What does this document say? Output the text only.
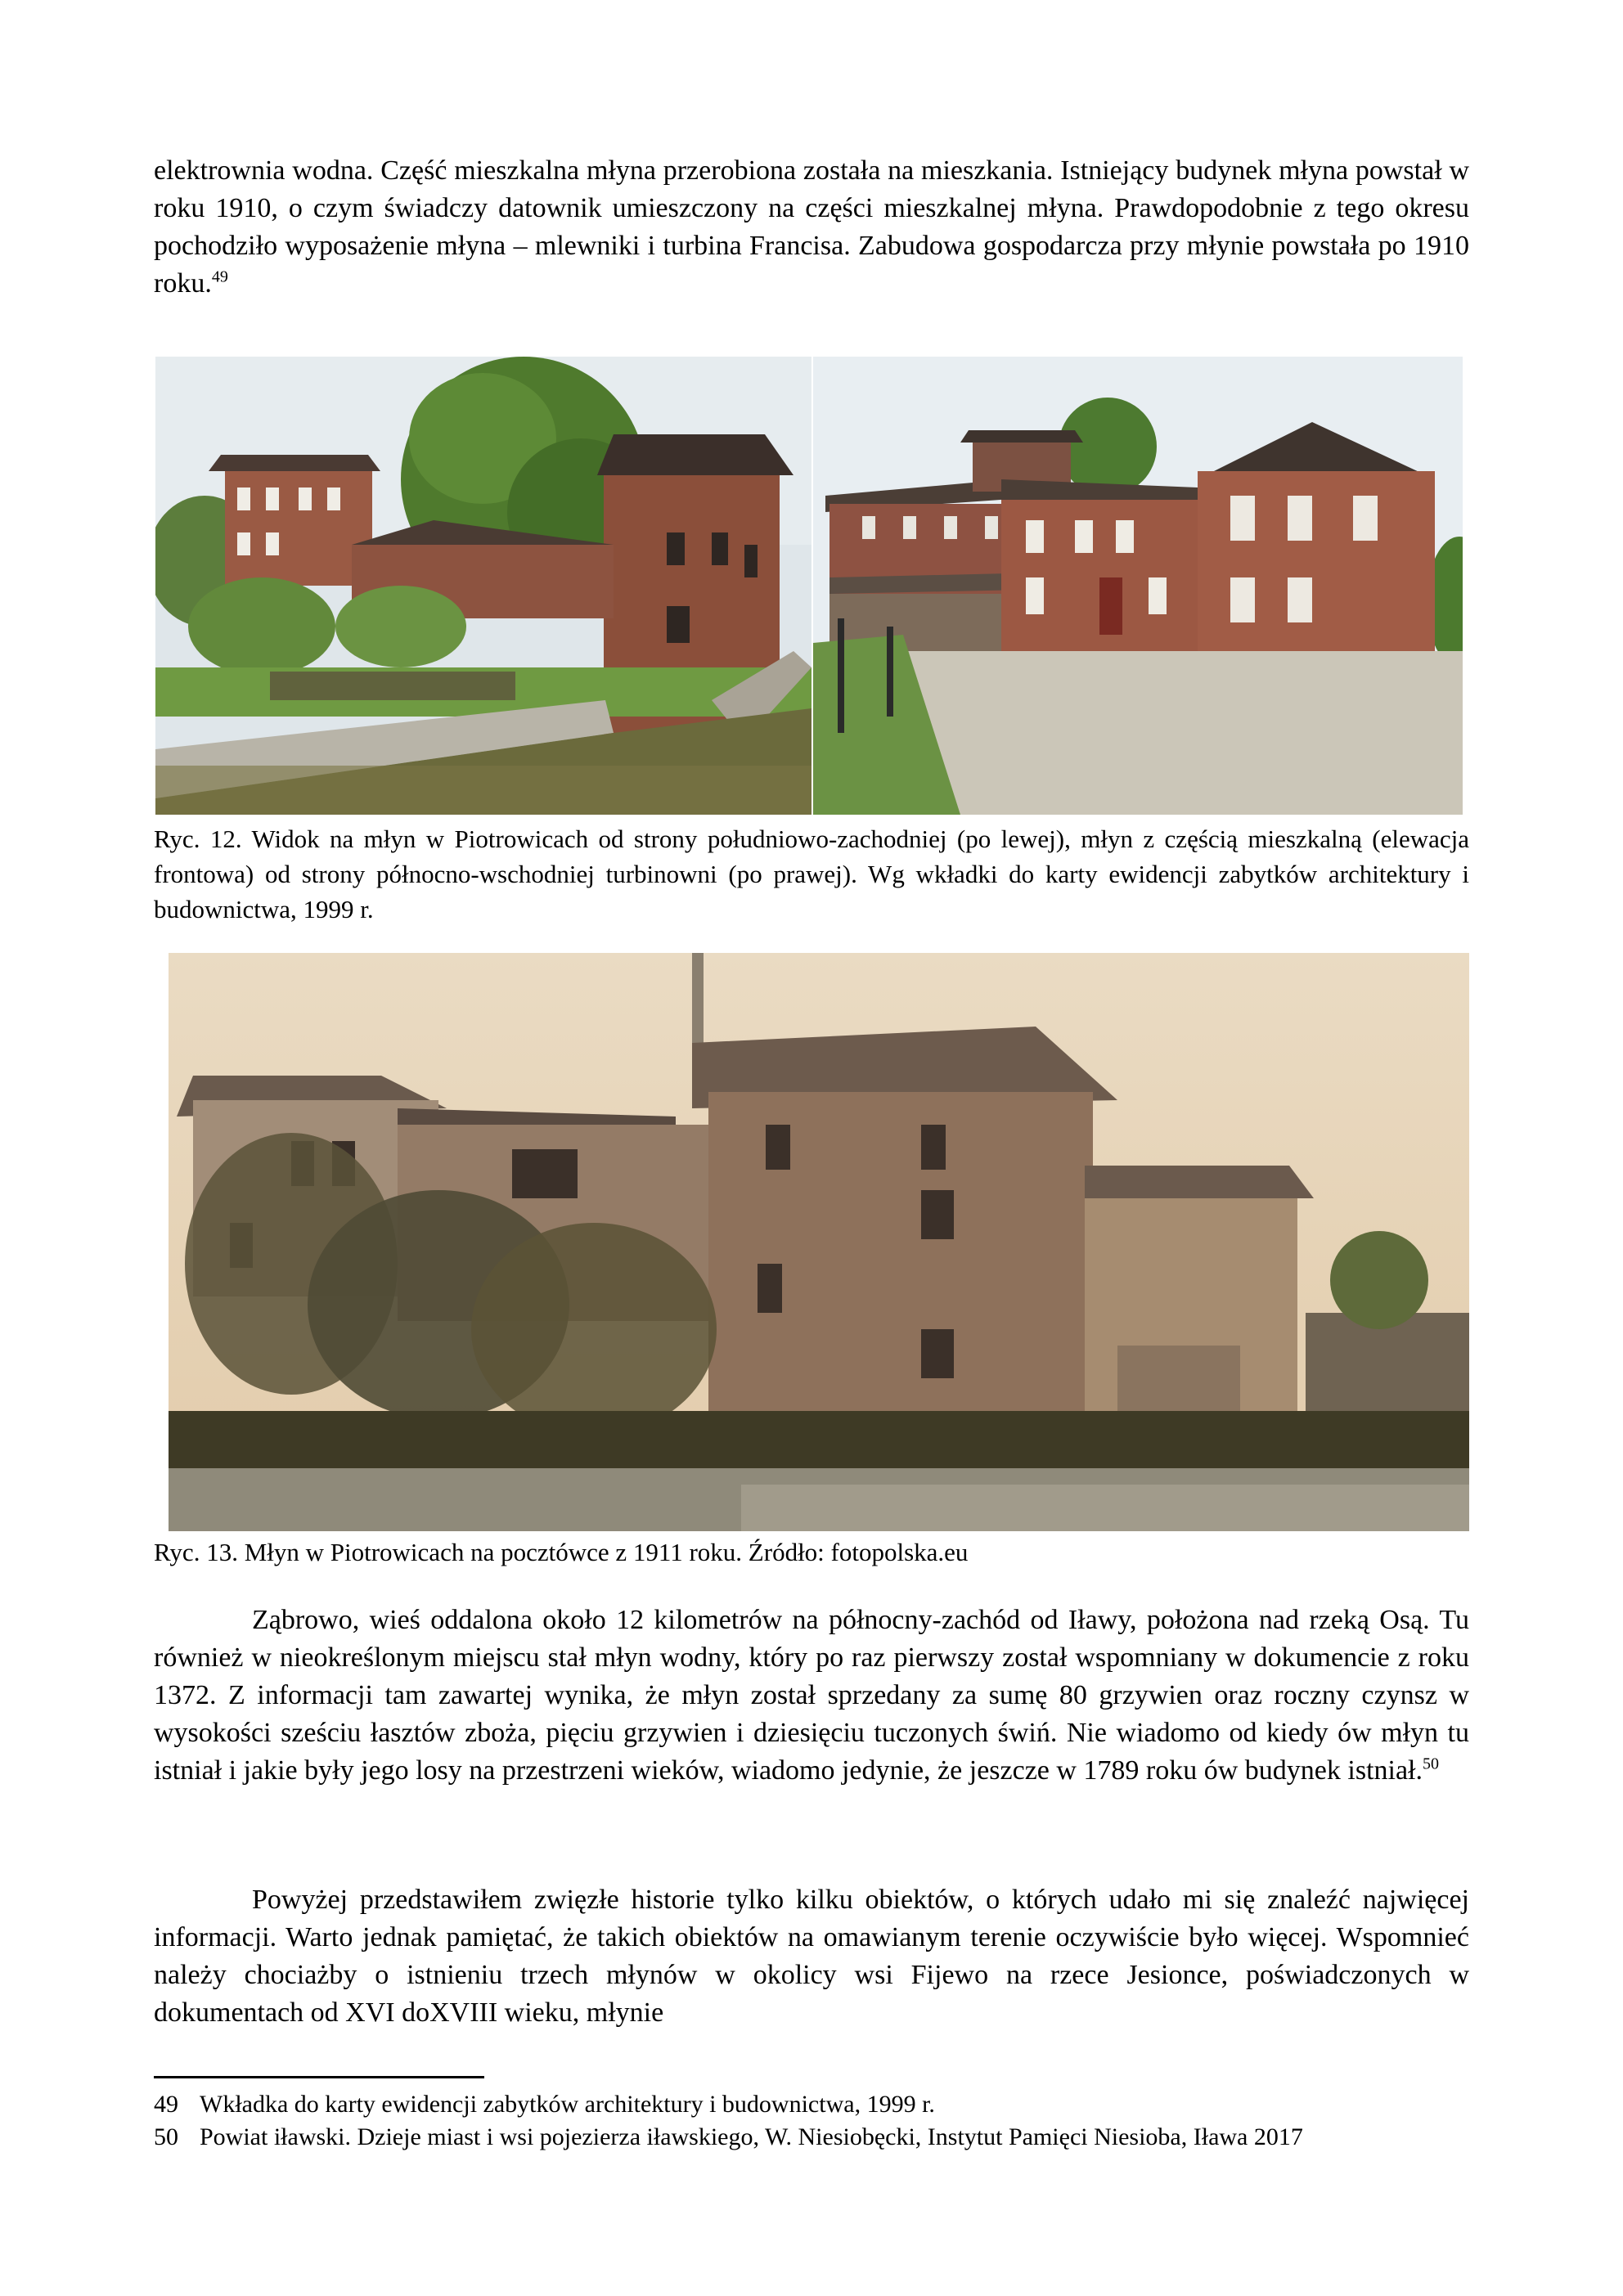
elektrownia wodna. Część mieszkalna młyna przerobiona została na mieszkania. Istniejący budynek młyna powstał w roku 1910, o czym świadczy datownik umieszczony na części mieszkalnej młyna. Prawdopodobnie z tego okresu pochodziło wyposażenie młyna – mlewniki i turbina Francisa. Zabudowa gospodarcza przy młynie powstała po 1910 roku.$^{49}$

Ryc. 12. Widok na młyn w Piotrowicach od strony południowo-zachodniej (po lewej), młyn z częścią mieszkalną (elewacja frontowa) od strony północno-wschodniej turbinowni (po prawej). Wg wkładki do karty ewidencji zabytków architektury i budownictwa, 1999 r.
Ryc. 13. Młyn w Piotrowicach na pocztówce z 1911 roku. Źródło: fotopolska.eu

Ząbrowo, wieś oddalona około 12 kilometrów na północny-zachód od Iławy, położona nad rzeką Osą. Tu również w nieokreślonym miejscu stał młyn wodny, który po raz pierwszy został wspomniany w dokumencie z roku 1372. Z informacji tam zawartej wynika, że młyn został sprzedany za sumę 80 grzywien oraz roczny czynsz w wysokości sześciu łasztów zboża, pięciu grzywien i dziesięciu tuczonych świń. Nie wiadomo od kiedy ów młyn tu istniał i jakie były jego losy na przestrzeni wieków, wiadomo jedynie, że jeszcze w 1789 roku ów budynek istniał.$^{50}$

Powyżej przedstawiłem zwięzłe historie tylko kilku obiektów, o których udało mi się znaleźć najwięcej informacji. Warto jednak pamiętać, że takich obiektów na omawianym terenie oczywiście było więcej. Wspomnieć należy chociażby o istnieniu trzech młynów w okolicy wsi Fijewo na rzece Jesionce, poświadczonych w dokumentach od XVI doXVIII wieku, młynie

49 Wkładka do karty ewidencji zabytków architektury i budownictwa, 1999 r.
50 Powiat iławski. Dzieje miast i wsi pojezierza iławskiego, W. Niesiobęcki, Instytut Pamięci Niesioba, Iława 2017
